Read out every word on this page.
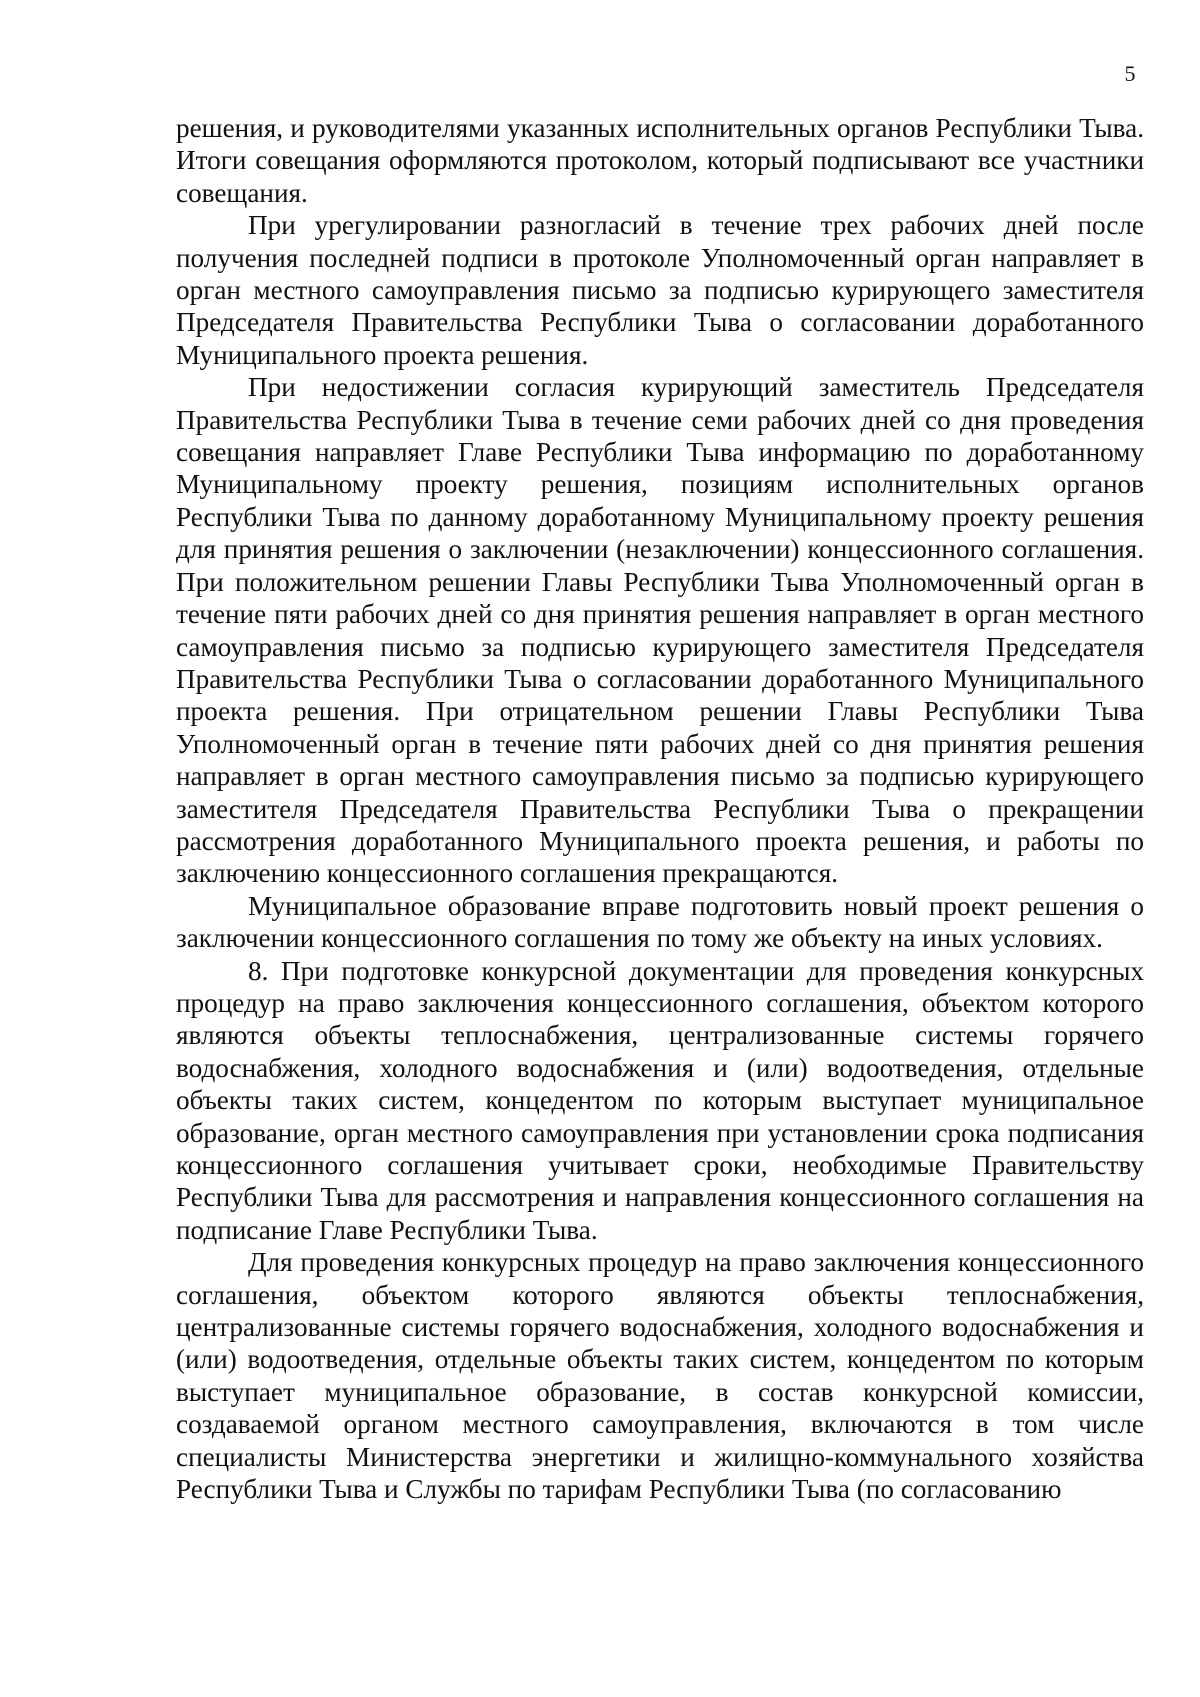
5

решения, и руководителями указанных исполнительных органов Республики Тыва. Итоги совещания оформляются протоколом, который подписывают все участники совещания.

При урегулировании разногласий в течение трех рабочих дней после получения последней подписи в протоколе Уполномоченный орган направляет в орган местного самоуправления письмо за подписью курирующего заместителя Председателя Правительства Республики Тыва о согласовании доработанного Муниципального проекта решения.

При недостижении согласия курирующий заместитель Председателя Правительства Республики Тыва в течение семи рабочих дней со дня проведения совещания направляет Главе Республики Тыва информацию по доработанному Муниципальному проекту решения, позициям исполнительных органов Республики Тыва по данному доработанному Муниципальному проекту решения для принятия решения о заключении (незаключении) концессионного соглашения. При положительном решении Главы Республики Тыва Уполномоченный орган в течение пяти рабочих дней со дня принятия решения направляет в орган местного самоуправления письмо за подписью курирующего заместителя Председателя Правительства Республики Тыва о согласовании доработанного Муниципального проекта решения. При отрицательном решении Главы Республики Тыва Уполномоченный орган в течение пяти рабочих дней со дня принятия решения направляет в орган местного самоуправления письмо за подписью курирующего заместителя Председателя Правительства Республики Тыва о прекращении рассмотрения доработанного Муниципального проекта решения, и работы по заключению концессионного соглашения прекращаются.

Муниципальное образование вправе подготовить новый проект решения о заключении концессионного соглашения по тому же объекту на иных условиях.

8. При подготовке конкурсной документации для проведения конкурсных процедур на право заключения концессионного соглашения, объектом которого являются объекты теплоснабжения, централизованные системы горячего водоснабжения, холодного водоснабжения и (или) водоотведения, отдельные объекты таких систем, концедентом по которым выступает муниципальное образование, орган местного самоуправления при установлении срока подписания концессионного соглашения учитывает сроки, необходимые Правительству Республики Тыва для рассмотрения и направления концессионного соглашения на подписание Главе Республики Тыва.

Для проведения конкурсных процедур на право заключения концессионного соглашения, объектом которого являются объекты теплоснабжения, централизованные системы горячего водоснабжения, холодного водоснабжения и (или) водоотведения, отдельные объекты таких систем, концедентом по которым выступает муниципальное образование, в состав конкурсной комиссии, создаваемой органом местного самоуправления, включаются в том числе специалисты Министерства энергетики и жилищно-коммунального хозяйства Республики Тыва и Службы по тарифам Республики Тыва (по согласованию
